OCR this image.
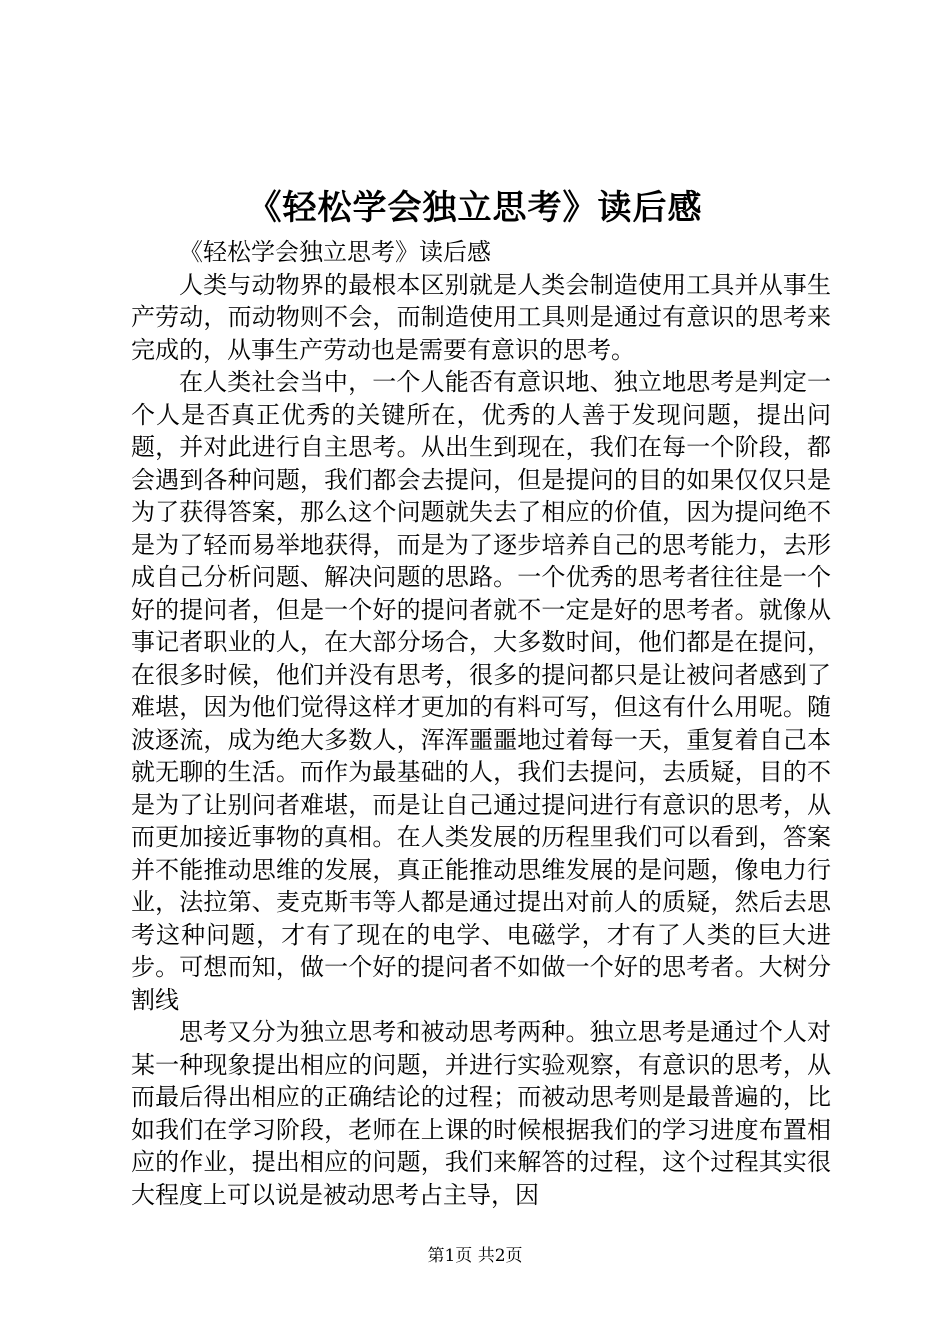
《轻松学会独立思考》读后感

《轻松学会独立思考》读后感

人类与动物界的最根本区别就是人类会制造使用工具并从事生产劳动，而动物则不会，而制造使用工具则是通过有意识的思考来完成的，从事生产劳动也是需要有意识的思考。

在人类社会当中，一个人能否有意识地、独立地思考是判定一个人是否真正优秀的关键所在，优秀的人善于发现问题，提出问题，并对此进行自主思考。从出生到现在，我们在每一个阶段，都会遇到各种问题，我们都会去提问，但是提问的目的如果仅仅只是为了获得答案，那么这个问题就失去了相应的价值，因为提问绝不是为了轻而易举地获得，而是为了逐步培养自己的思考能力，去形成自己分析问题、解决问题的思路。一个优秀的思考者往往是一个好的提问者，但是一个好的提问者就不一定是好的思考者。就像从事记者职业的人，在大部分场合，大多数时间，他们都是在提问，在很多时候，他们并没有思考，很多的提问都只是让被问者感到了难堪，因为他们觉得这样才更加的有料可写，但这有什么用呢。随波逐流，成为绝大多数人，浑浑噩噩地过着每一天，重复着自己本就无聊的生活。而作为最基础的人，我们去提问，去质疑，目的不是为了让别问者难堪，而是让自己通过提问进行有意识的思考，从而更加接近事物的真相。在人类发展的历程里我们可以看到，答案并不能推动思维的发展，真正能推动思维发展的是问题，像电力行业，法拉第、麦克斯韦等人都是通过提出对前人的质疑，然后去思考这种问题，才有了现在的电学、电磁学，才有了人类的巨大进步。可想而知，做一个好的提问者不如做一个好的思考者。大树分割线

思考又分为独立思考和被动思考两种。独立思考是通过个人对某一种现象提出相应的问题，并进行实验观察，有意识的思考，从而最后得出相应的正确结论的过程；而被动思考则是最普遍的，比如我们在学习阶段，老师在上课的时候根据我们的学习进度布置相应的作业，提出相应的问题，我们来解答的过程，这个过程其实很大程度上可以说是被动思考占主导，因

第1页 共2页
